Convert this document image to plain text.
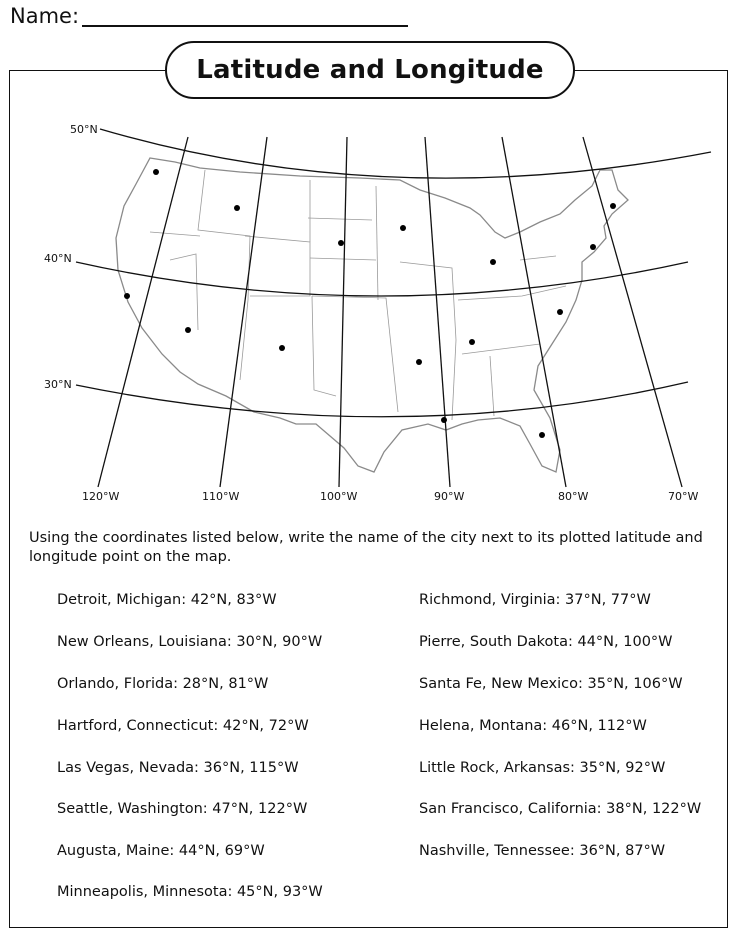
Name:
Latitude and Longitude
50°N
40°N
30°N
120°W	110°W	100°W	90°W	80°W	70°W
Using the coordinates listed below, write the name of the city next to its plotted latitude and longitude point on the map.
Detroit, Michigan: 42°N, 83°W
New Orleans, Louisiana: 30°N, 90°W
Orlando, Florida: 28°N, 81°W
Hartford, Connecticut: 42°N, 72°W
Las Vegas, Nevada: 36°N, 115°W
Seattle, Washington: 47°N, 122°W
Augusta, Maine: 44°N, 69°W
Minneapolis, Minnesota: 45°N, 93°W
Richmond, Virginia: 37°N, 77°W
Pierre, South Dakota: 44°N, 100°W
Santa Fe, New Mexico: 35°N, 106°W
Helena, Montana: 46°N, 112°W
Little Rock, Arkansas: 35°N, 92°W
San Francisco, California: 38°N, 122°W
Nashville, Tennessee: 36°N, 87°W
